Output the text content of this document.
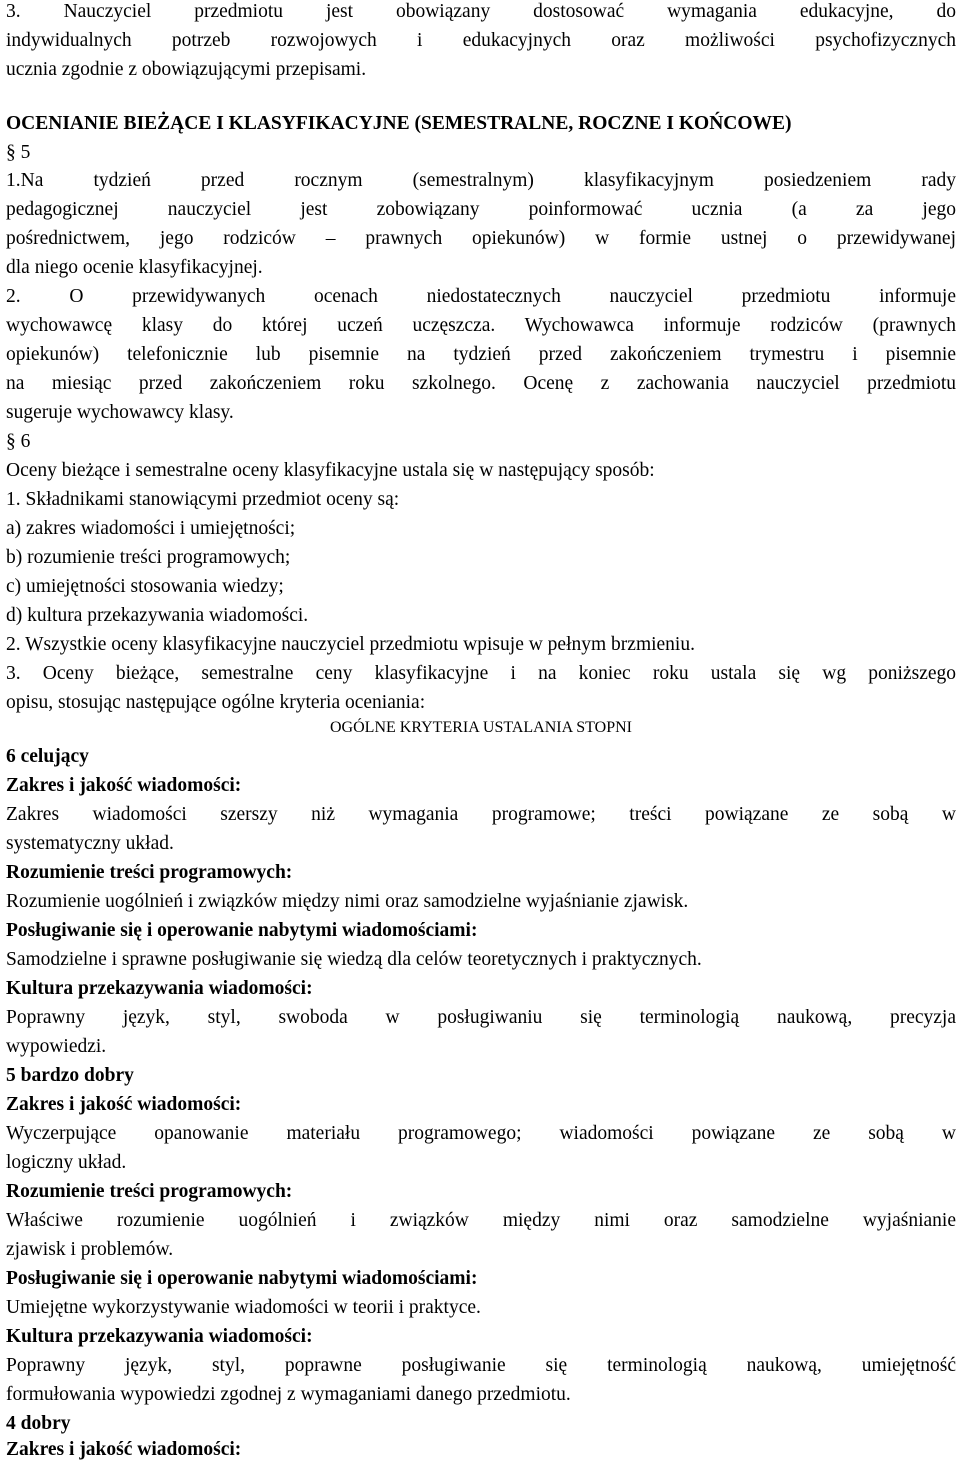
3. Nauczyciel przedmiotu jest obowiązany dostosować wymagania edukacyjne, do
indywidualnych potrzeb rozwojowych i edukacyjnych oraz możliwości psychofizycznych
ucznia zgodnie z obowiązującymi przepisami.
OCENIANIE BIEŻĄCE I KLASYFIKACYJNE (SEMESTRALNE, ROCZNE I KOŃCOWE)
§ 5
1.Na tydzień przed rocznym (semestralnym) klasyfikacyjnym posiedzeniem rady
pedagogicznej nauczyciel jest zobowiązany poinformować ucznia (a za jego
pośrednictwem, jego rodziców – prawnych opiekunów) w formie ustnej o przewidywanej
dla niego ocenie klasyfikacyjnej.
2. O przewidywanych ocenach niedostatecznych nauczyciel przedmiotu informuje
wychowawcę klasy do której uczeń uczęszcza. Wychowawca informuje rodziców (prawnych
opiekunów) telefonicznie lub pisemnie na tydzień przed zakończeniem trymestru i pisemnie
na miesiąc przed zakończeniem roku szkolnego. Ocenę z zachowania nauczyciel przedmiotu
sugeruje wychowawcy klasy.
§ 6
Oceny bieżące i semestralne oceny klasyfikacyjne ustala się w następujący sposób:
1. Składnikami stanowiącymi przedmiot oceny są:
a) zakres wiadomości i umiejętności;
b) rozumienie treści programowych;
c) umiejętności stosowania wiedzy;
d) kultura przekazywania wiadomości.
2. Wszystkie oceny klasyfikacyjne nauczyciel przedmiotu wpisuje w pełnym brzmieniu.
3. Oceny bieżące, semestralne ceny klasyfikacyjne i na koniec roku ustala się wg poniższego
opisu, stosując następujące ogólne kryteria oceniania:
OGÓLNE KRYTERIA USTALANIA STOPNI
6 celujący
Zakres i jakość wiadomości:
Zakres wiadomości szerszy niż wymagania programowe; treści powiązane ze sobą w
systematyczny układ.
Rozumienie treści programowych:
Rozumienie uogólnień i związków między nimi oraz samodzielne wyjaśnianie zjawisk.
Posługiwanie się i operowanie nabytymi wiadomościami:
Samodzielne i sprawne posługiwanie się wiedzą dla celów teoretycznych i praktycznych.
Kultura przekazywania wiadomości:
Poprawny język, styl, swoboda w posługiwaniu się terminologią naukową, precyzja
wypowiedzi.
5 bardzo dobry
Zakres i jakość wiadomości:
Wyczerpujące opanowanie materiału programowego; wiadomości powiązane ze sobą w
logiczny układ.
Rozumienie treści programowych:
Właściwe rozumienie uogólnień i związków między nimi oraz samodzielne wyjaśnianie
zjawisk i problemów.
Posługiwanie się i operowanie nabytymi wiadomościami:
Umiejętne wykorzystywanie wiadomości w teorii i praktyce.
Kultura przekazywania wiadomości:
Poprawny język, styl, poprawne posługiwanie się terminologią naukową, umiejętność
formułowania wypowiedzi zgodnej z wymaganiami danego przedmiotu.
4 dobry
Zakres i jakość wiadomości:
